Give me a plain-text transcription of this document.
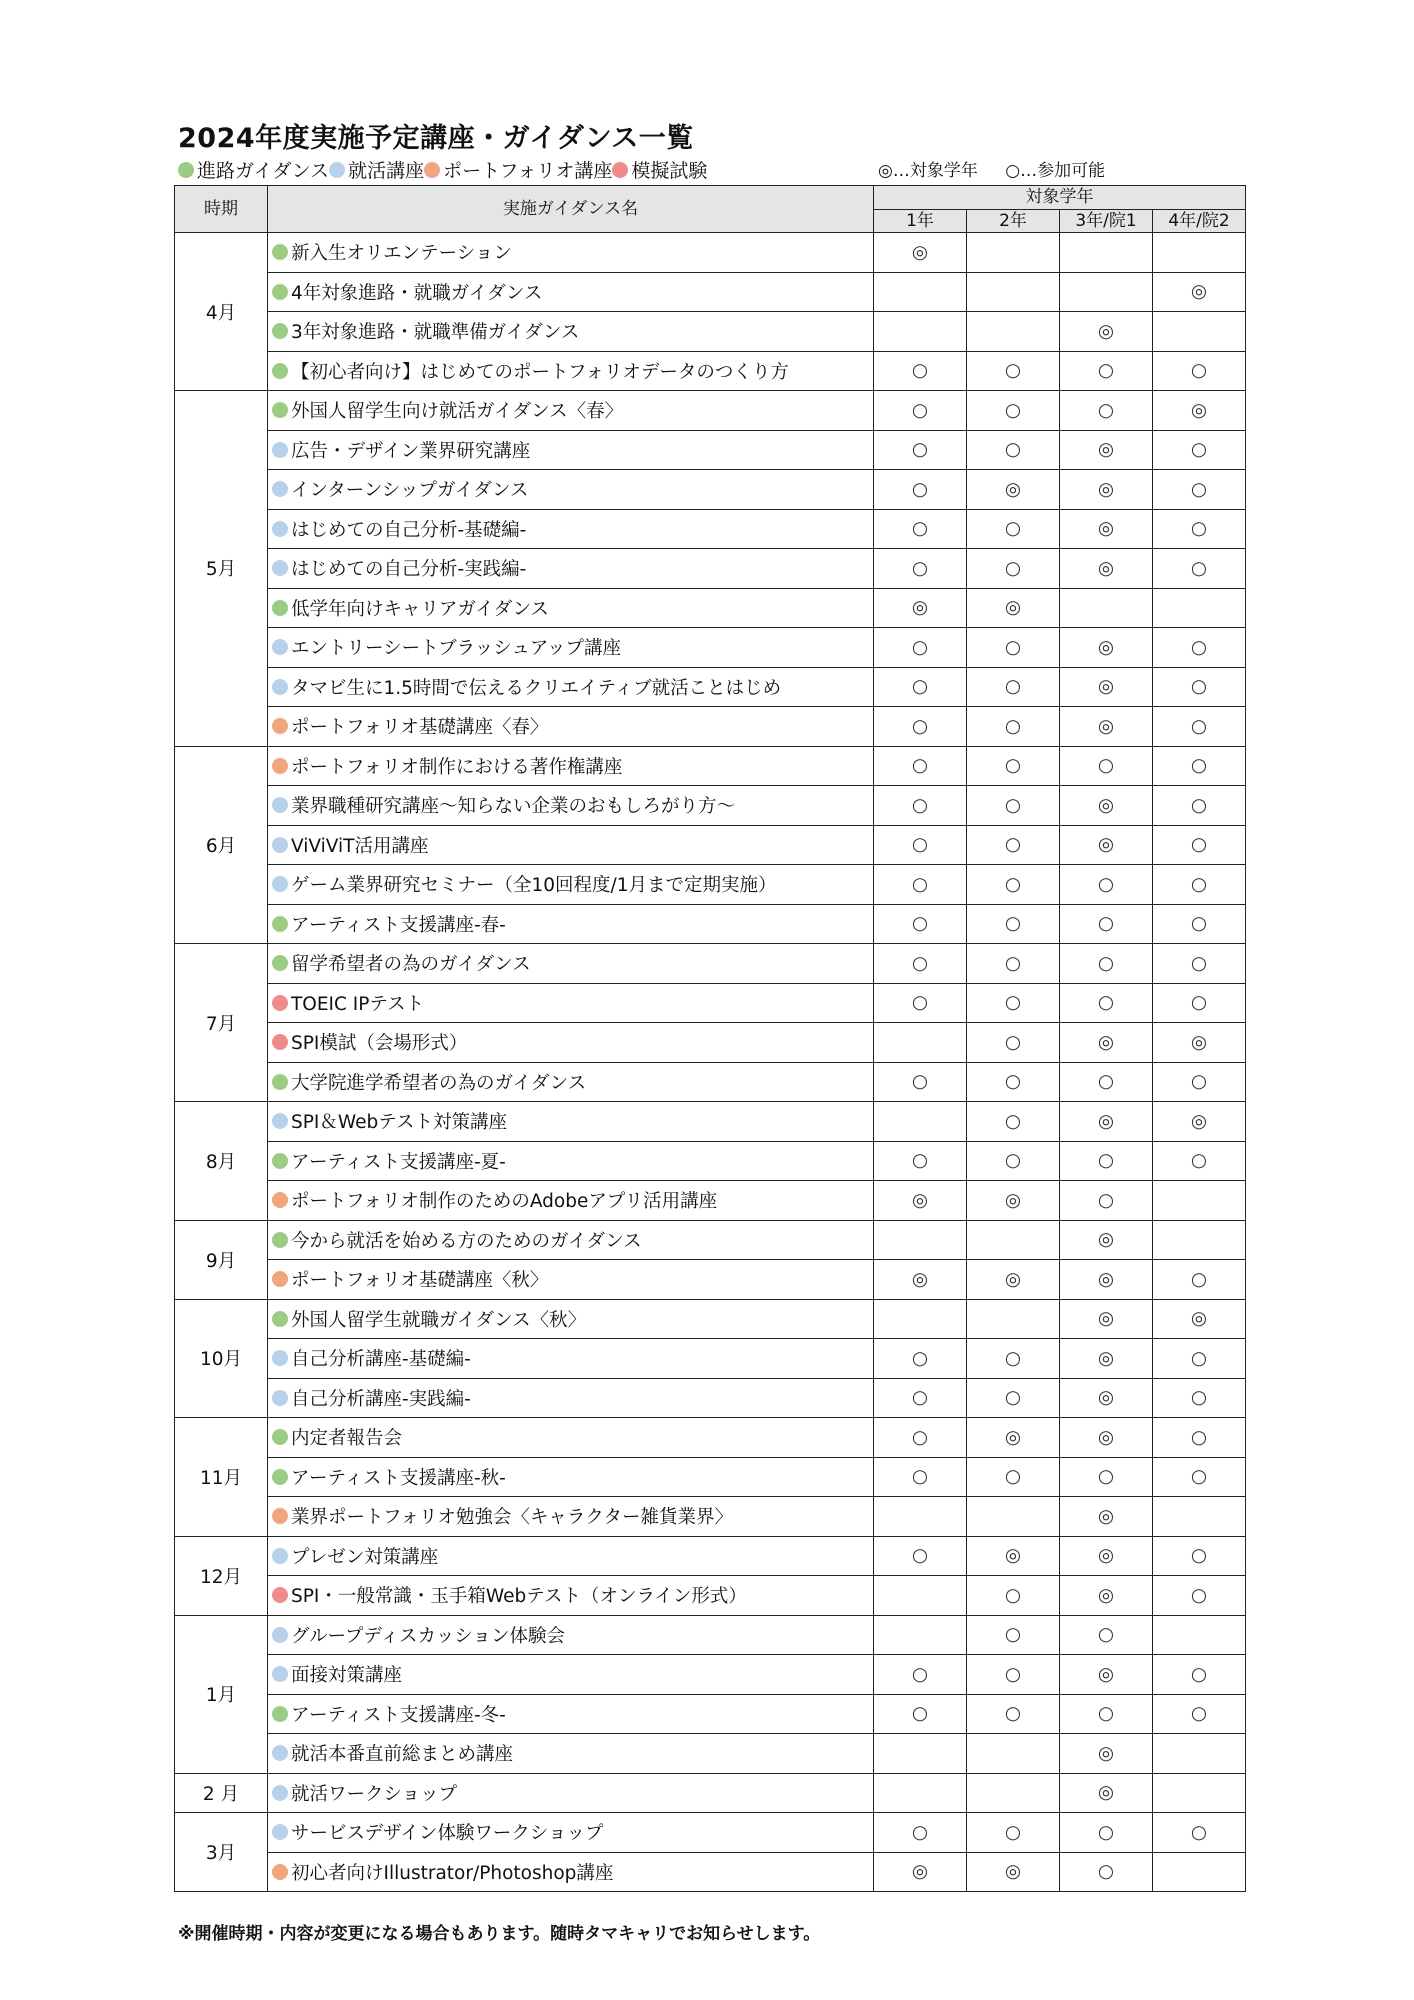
2024年度実施予定講座・ガイダンス一覧
進路ガイダンス 就活講座 ポートフォリオ講座 模擬試験	◎…対象学年 ○…参加可能
時期	実施ガイダンス名	対象学年			
		1年	2年	3年/院1	4年/院2
4月	新入生オリエンテーション	◎			

	4年対象進路・就職ガイダンス				◎

	3年対象進路・就職準備ガイダンス			◎	

	【初心者向け】はじめてのポートフォリオデータのつくり方	○	○	○	○
5月	外国人留学生向け就活ガイダンス〈春〉	○	○	○	◎

	広告・デザイン業界研究講座	○	○	◎	○

	インターンシップガイダンス	○	◎	◎	○

	はじめての自己分析-基礎編-	○	○	◎	○

	はじめての自己分析-実践編-	○	○	◎	○

	低学年向けキャリアガイダンス	◎	◎		

	エントリーシートブラッシュアップ講座	○	○	◎	○

	タマビ生に1.5時間で伝えるクリエイティブ就活ことはじめ	○	○	◎	○

	ポートフォリオ基礎講座〈春〉	○	○	◎	○
6月	ポートフォリオ制作における著作権講座	○	○	○	○

	業界職種研究講座〜知らない企業のおもしろがり方〜	○	○	◎	○

	ViViViT活用講座	○	○	◎	○

	ゲーム業界研究セミナー（全10回程度/1月まで定期実施）	○	○	○	○

	アーティスト支援講座-春-	○	○	○	○
7月	留学希望者の為のガイダンス	○	○	○	○

	TOEIC IPテスト	○	○	○	○

	SPI模試（会場形式）		○	◎	◎

	大学院進学希望者の為のガイダンス	○	○	○	○
8月	SPI＆Webテスト対策講座		○	◎	◎

	アーティスト支援講座-夏-	○	○	○	○

	ポートフォリオ制作のためのAdobeアプリ活用講座	◎	◎	○	
9月	今から就活を始める方のためのガイダンス			◎	

	ポートフォリオ基礎講座〈秋〉	◎	◎	◎	○
10月	外国人留学生就職ガイダンス〈秋〉			◎	◎

	自己分析講座-基礎編-	○	○	◎	○

	自己分析講座-実践編-	○	○	◎	○
11月	内定者報告会	○	◎	◎	○

	アーティスト支援講座-秋-	○	○	○	○

	業界ポートフォリオ勉強会〈キャラクター雑貨業界〉			◎	
12月	プレゼン対策講座	○	◎	◎	○

	SPI・一般常識・玉手箱Webテスト（オンライン形式）		○	◎	○
1月	グループディスカッション体験会		○	○	

	面接対策講座	○	○	◎	○

	アーティスト支援講座-冬-	○	○	○	○

	就活本番直前総まとめ講座			◎	
2 月	就活ワークショップ			◎	
3月	サービスデザイン体験ワークショップ	○	○	○	○

	初心者向けIllustrator/Photoshop講座	◎	◎	○	

※開催時期・内容が変更になる場合もあります。随時タマキャリでお知らせします。
